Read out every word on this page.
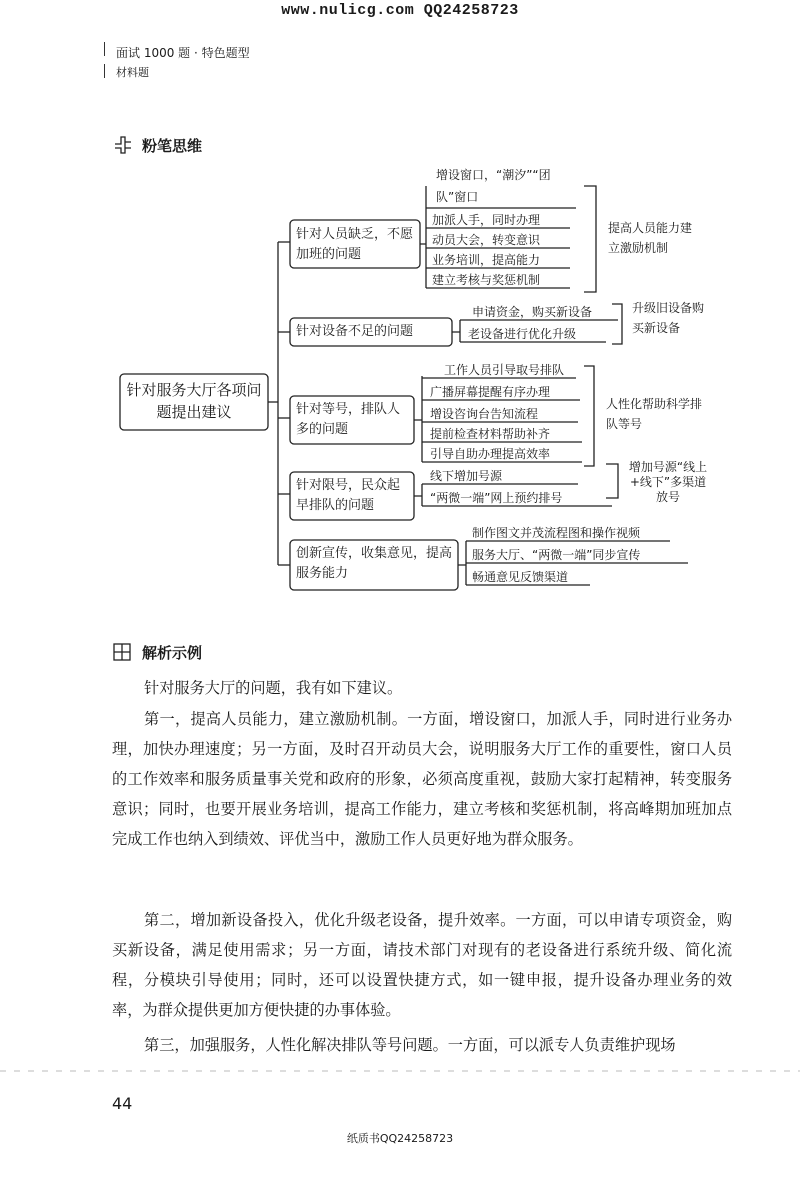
www.nulicg.com QQ24258723
面试 1000 题 · 特色题型
材料题
粉笔思维
针对服务大厅各项问题提出建议
针对人员缺乏，不愿加班的问题
增设窗口，“潮汐”“团队”窗口
加派人手，同时办理
动员大会，转变意识
业务培训，提高能力
建立考核与奖惩机制
提高人员能力建立激励机制
针对设备不足的问题
申请资金，购买新设备
老设备进行优化升级
升级旧设备购买新设备
针对等号，排队人多的问题
工作人员引导取号排队
广播屏幕提醒有序办理
增设咨询台告知流程
提前检查材料帮助补齐
引导自助办理提高效率
人性化帮助科学排队等号
针对限号，民众起早排队的问题
线下增加号源
“两微一端”网上预约排号
增加号源“线上+线下”多渠道放号
创新宣传，收集意见，提高服务能力
制作图文并茂流程图和操作视频
服务大厅、“两微一端”同步宣传
畅通意见反馈渠道
解析示例
针对服务大厅的问题，我有如下建议。
第一，提高人员能力，建立激励机制。一方面，增设窗口，加派人手，同时进行业务办理，加快办理速度；另一方面，及时召开动员大会，说明服务大厅工作的重要性，窗口人员的工作效率和服务质量事关党和政府的形象，必须高度重视，鼓励大家打起精神，转变服务意识；同时，也要开展业务培训，提高工作能力，建立考核和奖惩机制，将高峰期加班加点完成工作也纳入到绩效、评优当中，激励工作人员更好地为群众服务。
第二，增加新设备投入，优化升级老设备，提升效率。一方面，可以申请专项资金，购买新设备，满足使用需求；另一方面，请技术部门对现有的老设备进行系统升级、简化流程，分模块引导使用；同时，还可以设置快捷方式，如一键申报，提升设备办理业务的效率，为群众提供更加方便快捷的办事体验。
第三，加强服务，人性化解决排队等号问题。一方面，可以派专人负责维护现场
44
纸质书QQ24258723
